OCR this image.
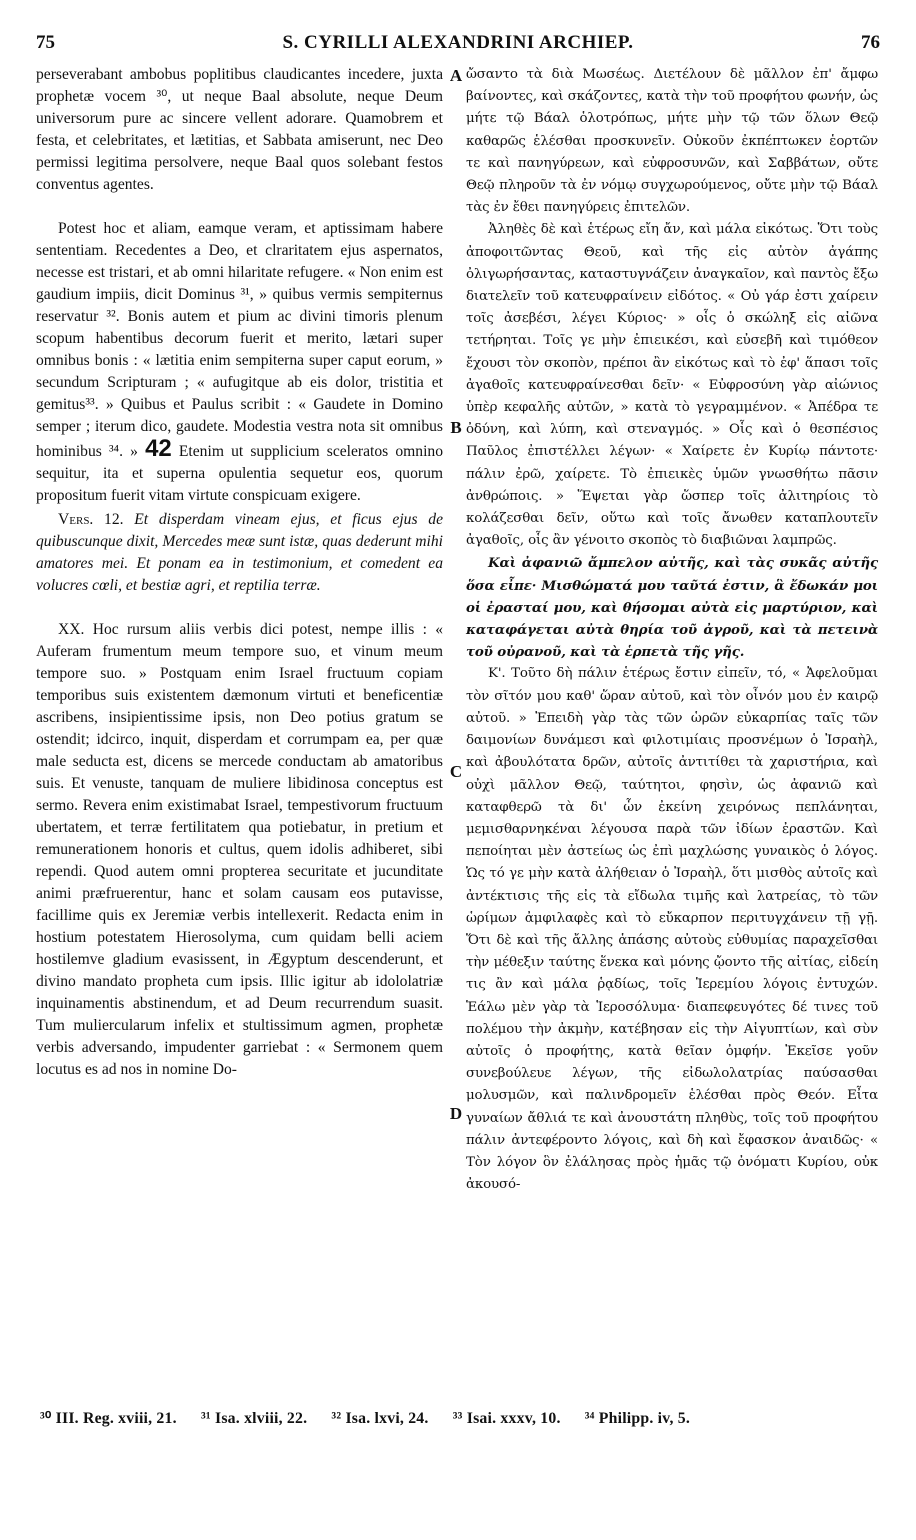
75	S. CYRILLI ALEXANDRINI ARCHIEP.	76

perseverabant ambobus poplitibus claudicantes incedere, juxta prophetæ vocem ³⁰, ut neque Baal absolute, neque Deum universorum pure ac sincere vellent adorare. Quamobrem et festa, et celebritates, et lætitias, et Sabbata amiserunt, nec Deo permissi legitima persolvere, neque Baal quos solebant festos conventus agentes.

Potest hoc et aliam, eamque veram, et aptissimam habere sententiam. Recedentes a Deo, et clraritatem ejus aspernatos, necesse est tristari, et ab omni hilaritate refugere. « Non enim est gaudium impiis, dicit Dominus ³¹, » quibus vermis sempiternus reservatur ³². Bonis autem et pium ac divini timoris plenum scopum habentibus decorum fuerit et merito, lætari super omnibus bonis : « lætitia enim sempiterna super caput eorum, » secundum Scripturam ; « aufugitque ab eis dolor, tristitia et gemitus³³. » Quibus et Paulus scribit : « Gaudete in Domino semper ; iterum dico, gaudete. Modestia vestra nota sit omnibus hominibus ³⁴. » 42 Etenim ut supplicium sceleratos omnino sequitur, ita et superna opulentia sequetur eos, quorum propositum fuerit vitam virtute conspicuam exigere.

Vers. 12. Et disperdam vineam ejus, et ficus ejus de quibuscunque dixit, Mercedes meæ sunt istæ, quas dederunt mihi amatores mei. Et ponam ea in testimonium, et comedent ea volucres cœli, et bestiæ agri, et reptilia terræ.

XX. Hoc rursum aliis verbis dici potest, nempe illis : « Auferam frumentum meum tempore suo, et vinum meum tempore suo. » Postquam enim Israel fructuum copiam temporibus suis existentem dæmonum virtuti et beneficentiæ ascribens, insipientissime ipsis, non Deo potius gratum se ostendit; idcirco, inquit, disperdam et corrumpam ea, per quæ male seducta est, dicens se mercede conductam ab amatoribus suis. Et venuste, tanquam de muliere libidinosa conceptus est sermo. Revera enim existimabat Israel, tempestivorum fructuum ubertatem, et terræ fertilitatem qua potiebatur, in pretium et remunerationem honoris et cultus, quem idolis adhiberet, sibi rependi. Quod autem omni propterea securitate et jucunditate animi præfruerentur, hanc et solam causam eos putavisse, facillime quis ex Jeremiæ verbis intellexerit. Redacta enim in hostium potestatem Hierosolyma, cum quidam belli aciem hostilemve gladium evasissent, in Ægyptum descenderunt, et divino mandato propheta cum ipsis. Illic igitur ab idololatriæ inquinamentis abstinendum, et ad Deum recurrendum suasit. Tum muliercularum infelix et stultissimum agmen, prophetæ verbis adversando, impudenter garriebat : « Sermonem quem locutus es ad nos in nomine Do-

ὤσαντο τὰ διὰ Μωσέως. Διετέλουν δὲ μᾶλλον ἐπ' ἄμφω βαίνοντες, καὶ σκάζοντες, κατὰ τὴν τοῦ προφήτου φωνήν, ὡς μήτε τῷ Βάαλ ὁλοτρόπως, μήτε μὴν τῷ τῶν ὅλων Θεῷ καθαρῶς ἑλέσθαι προσκυνεῖν. Οὐκοῦν ἐκπέπτωκεν ἑορτῶν τε καὶ πανηγύρεων, καὶ εὐφροσυνῶν, καὶ Σαββάτων, οὔτε Θεῷ πληροῦν τὰ ἐν νόμῳ συγχωρούμενος, οὔτε μὴν τῷ Βάαλ τὰς ἐν ἔθει πανηγύρεις ἐπιτελῶν.

Ἀληθὲς δὲ καὶ ἑτέρως εἴη ἄν, καὶ μάλα εἰκότως. Ὅτι τοὺς ἀποφοιτῶντας Θεοῦ, καὶ τῆς εἰς αὐτὸν ἀγάπης ὀλιγωρήσαντας, καταστυγνάζειν ἀναγκαῖον, καὶ παντὸς ἔξω διατελεῖν τοῦ κατευφραίνειν εἰδότος. « Οὐ γάρ ἐστι χαίρειν τοῖς ἀσεβέσι, λέγει Κύριος· » οἷς ὁ σκώληξ εἰς αἰῶνα τετήρηται. Τοῖς γε μὴν ἐπιεικέσι, καὶ εὐσεβῆ καὶ τιμόθεον ἔχουσι τὸν σκοπὸν, πρέποι ἂν εἰκότως καὶ τὸ ἐφ' ἅπασι τοῖς ἀγαθοῖς κατευφραίνεσθαι δεῖν· « Εὐφροσύνη γὰρ αἰώνιος ὑπὲρ κεφαλῆς αὐτῶν, » κατὰ τὸ γεγραμμένον. « Ἀπέδρα τε ὀδύνη, καὶ λύπη, καὶ στεναγμός. » Οἷς καὶ ὁ θεσπέσιος Παῦλος ἐπιστέλλει λέγων· « Χαίρετε ἐν Κυρίῳ πάντοτε· πάλιν ἐρῶ, χαίρετε. Τὸ ἐπιεικὲς ὑμῶν γνωσθήτω πᾶσιν ἀνθρώποις. » Ἕψεται γὰρ ὥσπερ τοῖς ἀλιτηρίοις τὸ κολάζεσθαι δεῖν, οὕτω καὶ τοῖς ἄνωθεν καταπλουτεῖν ἀγαθοῖς, οἷς ἂν γένοιτο σκοπὸς τὸ διαβιῶναι λαμπρῶς.

Καὶ ἀφανιῶ ἄμπελον αὐτῆς, καὶ τὰς συκᾶς αὐτῆς ὅσα εἶπε· Μισθώματά μου ταῦτά ἐστιν, ἃ ἔδωκάν μοι οἱ ἐρασταί μου, καὶ θήσομαι αὐτὰ εἰς μαρτύριον, καὶ καταφάγεται αὐτὰ θηρία τοῦ ἀγροῦ, καὶ τὰ πετεινὰ τοῦ οὐρανοῦ, καὶ τὰ ἑρπετὰ τῆς γῆς.

Κ'. Τοῦτο δὴ πάλιν ἑτέρως ἔστιν εἰπεῖν, τό, « Ἀφελοῦμαι τὸν σῖτόν μου καθ' ὥραν αὐτοῦ, καὶ τὸν οἶνόν μου ἐν καιρῷ αὐτοῦ. » Ἐπειδὴ γὰρ τὰς τῶν ὡρῶν εὐκαρπίας ταῖς τῶν δαιμονίων δυνάμεσι καὶ φιλοτιμίαις προσνέμων ὁ Ἰσραὴλ, καὶ ἀβουλότατα δρῶν, αὐτοῖς ἀντιτίθει τὰ χαριστήρια, καὶ οὐχὶ μᾶλλον Θεῷ, ταύτητοι, φησὶν, ὡς ἀφανιῶ καὶ καταφθερῶ τὰ δι' ὧν ἐκείνη χειρόνως πεπλάνηται, μεμισθαρνηκέναι λέγουσα παρὰ τῶν ἰδίων ἐραστῶν. Καὶ πεποίηται μὲν ἀστείως ὡς ἐπὶ μαχλώσης γυναικὸς ὁ λόγος. Ὡς τό γε μὴν κατὰ ἀλήθειαν ὁ Ἰσραὴλ, ὅτι μισθὸς αὐτοῖς καὶ ἀντέκτισις τῆς εἰς τὰ εἴδωλα τιμῆς καὶ λατρείας, τὸ τῶν ὡρίμων ἀμφιλαφὲς καὶ τὸ εὔκαρπον περιτυγχάνειν τῇ γῇ. Ὅτι δὲ καὶ τῆς ἄλλης ἁπάσης αὐτοὺς εὐθυμίας παραχεῖσθαι τὴν μέθεξιν ταύτης ἕνεκα καὶ μόνης ᾤοντο τῆς αἰτίας, εἰδείη τις ἂν καὶ μάλα ῥᾳδίως, τοῖς Ἱερεμίου λόγοις ἐντυχών. Ἑάλω μὲν γὰρ τὰ Ἱεροσόλυμα· διαπεφευγότες δέ τινες τοῦ πολέμου τὴν ἀκμὴν, κατέβησαν εἰς τὴν Αἰγυπτίων, καὶ σὺν αὐτοῖς ὁ προφήτης, κατὰ θεῖαν ὀμφήν. Ἐκεῖσε γοῦν συνεβούλευε λέγων, τῆς εἰδωλολατρίας παύσασθαι μολυσμῶν, καὶ παλινδρομεῖν ἑλέσθαι πρὸς Θεόν. Εἶτα γυναίων ἄθλιά τε καὶ ἀνουστάτη πληθὺς, τοῖς τοῦ προφήτου πάλιν ἀντεφέροντο λόγοις, καὶ δὴ καὶ ἔφασκον ἀναιδῶς· « Τὸν λόγον ὃν ἐλάλησας πρὸς ἡμᾶς τῷ ὀνόματι Κυρίου, οὐκ ἀκουσό-

A
B
C
D
³⁰ III. Reg. xviii, 21. ³¹ Isa. xlviii, 22. ³² Isa. lxvi, 24. ³³ Isai. xxxv, 10. ³⁴ Philipp. iv, 5.
